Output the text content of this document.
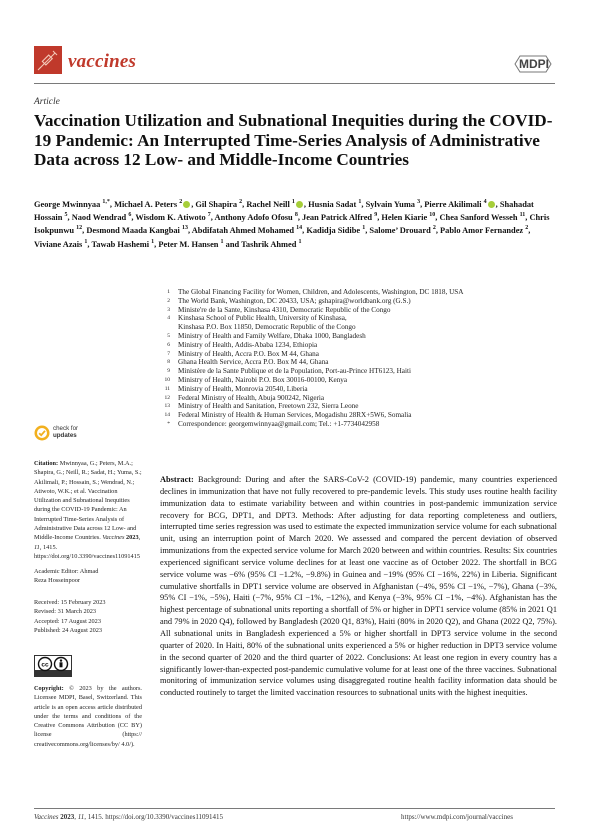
vaccines	MDPI
Article
Vaccination Utilization and Subnational Inequities during the COVID-19 Pandemic: An Interrupted Time-Series Analysis of Administrative Data across 12 Low- and Middle-Income Countries
George Mwinnyaa $^{1,*}$, Michael A. Peters $^2$ , Gil Shapira $^2$, Rachel Neill $^1$ , Husnia Sadat $^1$, Sylvain Yuma $^3$, Pierre Akilimali $^4$ , Shahadat Hossain $^5$, Naod Wendrad $^6$, Wisdom K. Atiwoto $^7$, Anthony Adofo Ofosu $^8$, Jean Patrick Alfred $^9$, Helen Kiarie $^{10}$, Chea Sanford Wesseh $^{11}$, Chris Isokpunwu $^{12}$, Desmond Maada Kangbai $^{13}$, Abdifatah Ahmed Mohamed $^{14}$, Kadidja Sidibe $^1$, Salome’ Drouard $^2$, Pablo Amor Fernandez $^2$, Viviane Azais $^1$, Tawab Hashemi $^1$, Peter M. Hansen $^1$ and Tashrik Ahmed $^1$
1 The Global Financing Facility for Women, Children, and Adolescents, Washington, DC 1818, USA
2 The World Bank, Washington, DC 20433, USA; gshapira@worldbank.org (G.S.)
3 Ministe're de la Sante, Kinshasa 4310, Democratic Republic of the Congo
4 Kinshasa School of Public Health, University of Kinshasa,
Kinshasa P.O. Box 11850, Democratic Republic of the Congo
5 Ministry of Health and Family Welfare, Dhaka 1000, Bangladesh
6 Ministry of Health, Addis-Ababa 1234, Ethiopia
7 Ministry of Health, Accra P.O. Box M 44, Ghana
8 Ghana Health Service, Accra P.O. Box M 44, Ghana
9 Ministère de la Sante Publique et de la Population, Port-au-Prince HT6123, Haiti
10 Ministry of Health, Nairobi P.O. Box 30016-00100, Kenya
11 Ministry of Health, Monrovia 20540, Liberia
12 Federal Ministry of Health, Abuja 900242, Nigeria
13 Ministry of Health and Sanitation, Freetown 232, Sierra Leone
14 Federal Ministry of Health & Human Services, Mogadishu 28RX+5W6, Somalia
* Correspondence: georgemwinnyaa@gmail.com; Tel.: +1-7734042958
check for
updates
Citation: Mwinnyaa, G.; Peters, M.A.; Shapira, G.; Neill, R.; Sadat, H.; Yuma, S.; Akilimali, P.; Hossain, S.; Wendrad, N.; Atiwoto, W.K.; et al. Vaccination Utilization and Subnational Inequities during the COVID-19 Pandemic: An Interrupted Time-Series Analysis of Administrative Data across 12 Low- and Middle-Income Countries. Vaccines 2023, 11, 1415. https://doi.org/10.3390/vaccines11091415
Academic Editor: Ahmad
Reza Hosseinpoor
Received: 15 February 2023
Revised: 31 March 2023
Accepted: 17 August 2023
Published: 24 August 2023
cc
Copyright: © 2023 by the authors. Licensee MDPI, Basel, Switzerland. This article is an open access article distributed under the terms and conditions of the Creative Commons Attribution (CC BY) license (https:// creativecommons.org/licenses/by/ 4.0/).
Abstract: Background: During and after the SARS-CoV-2 (COVID-19) pandemic, many countries experienced declines in immunization that have not fully recovered to pre-pandemic levels. This study uses routine health facility immunization data to estimate variability between and within countries in post-pandemic immunization service recovery for BCG, DPT1, and DPT3. Methods: After adjusting for data reporting completeness and outliers, interrupted time series regression was used to estimate the expected immunization service volume for each subnational unit, using an interruption point of March 2020. We assessed and compared the percent deviation of observed immunizations from the expected service volume for March 2020 between and within countries. Results: Six countries experienced significant service volume declines for at least one vaccine as of October 2022. The shortfall in BCG service volume was −6% (95% CI −1.2%, −9.8%) in Guinea and −19% (95% CI −16%, 22%) in Liberia. Significant cumulative shortfalls in DPT1 service volume are observed in Afghanistan (−4%, 95% CI −1%, −7%), Ghana (−3%, 95% CI −1%, −5%), Haiti (−7%, 95% CI −1%, −12%), and Kenya (−3%, 95% CI −1%, −4%). Afghanistan has the highest percentage of subnational units reporting a shortfall of 5% or higher in DPT1 service volume (85% in 2021 Q1 and 79% in 2020 Q4), followed by Bangladesh (2020 Q1, 83%), Haiti (80% in 2020 Q2), and Ghana (2022 Q2, 75%). All subnational units in Bangladesh experienced a 5% or higher shortfall in DPT3 service volume in the second quarter of 2020. In Haiti, 80% of the subnational units experienced a 5% or higher reduction in DPT3 service volume in the second quarter of 2020 and the third quarter of 2022. Conclusions: At least one region in every country has a significantly lower-than-expected post-pandemic cumulative volume for at least one of the three vaccines. Subnational monitoring of immunization service volumes using disaggregated routine health facility information data should be conducted routinely to target the limited vaccination resources to subnational units with the highest inequities.
Vaccines 2023, 11, 1415. https://doi.org/10.3390/vaccines11091415	https://www.mdpi.com/journal/vaccines
